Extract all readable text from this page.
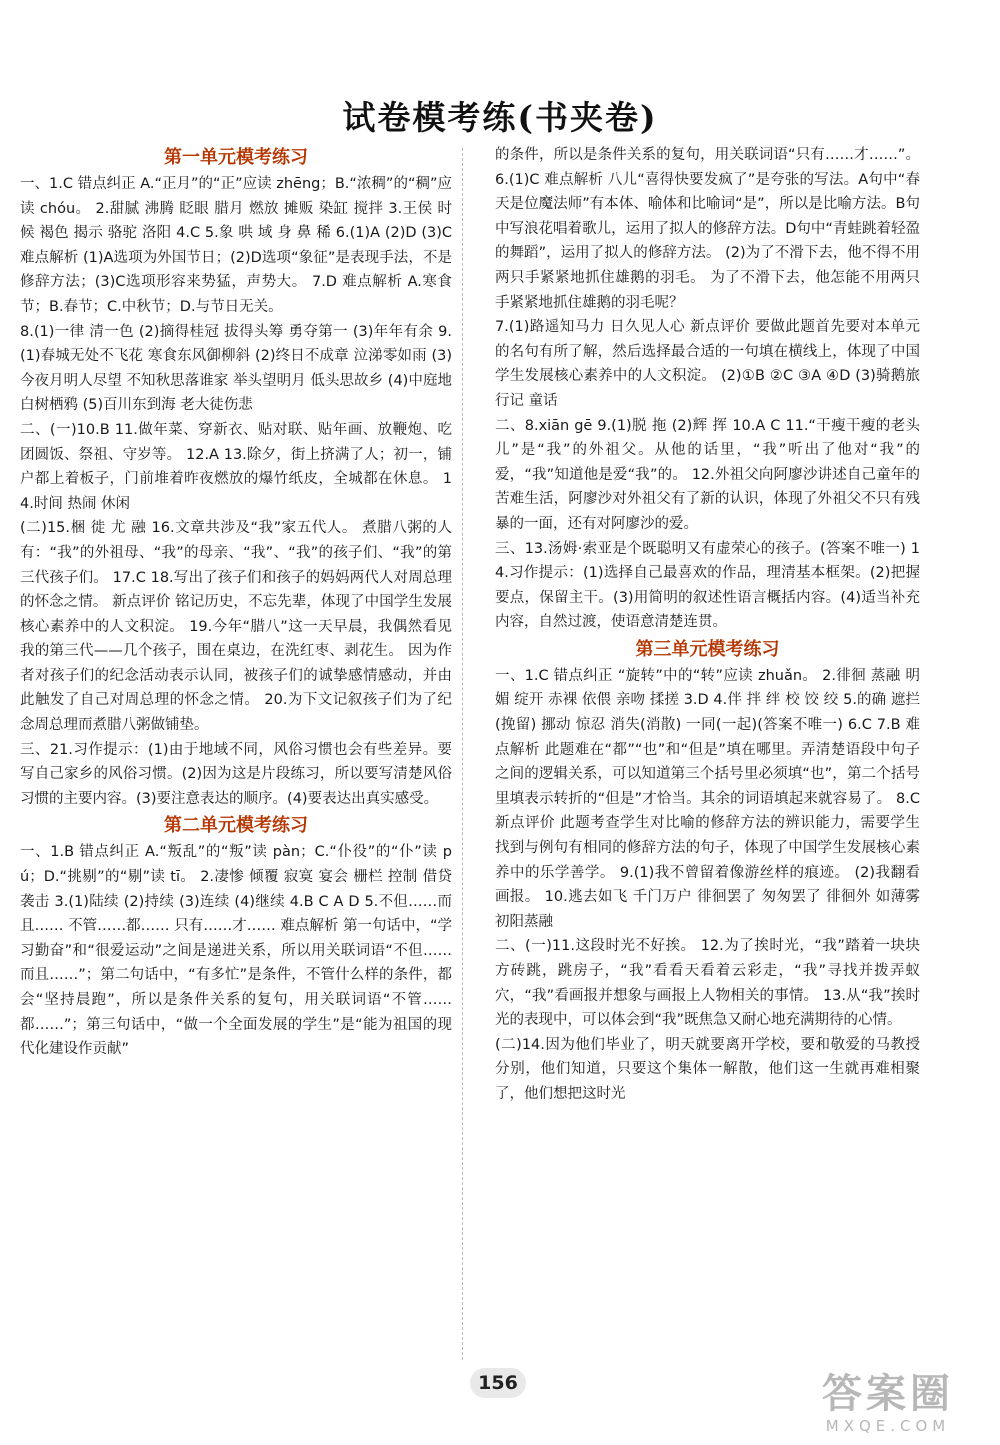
试卷模考练(书夹卷)
第一单元模考练习

一、1.C 错点纠正 A.“正月”的“正”应读 zhēng；B.“浓稠”的“稠”应读 chóu。 2.甜腻 沸腾 眨眼 腊月 燃放 摊贩 染缸 搅拌 3.王侯 时候 褐色 揭示 骆驼 洛阳 4.C 5.象 哄 域 身 鼻 稀 6.(1)A (2)D (3)C 难点解析 (1)A选项为外国节日；(2)D选项“象征”是表现手法，不是修辞方法；(3)C选项形容来势猛，声势大。 7.D 难点解析 A.寒食节；B.春节；C.中秋节；D.与节日无关。

8.(1)一律 清一色 (2)摘得桂冠 拔得头筹 勇夺第一 (3)年年有余 9.(1)春城无处不飞花 寒食东风御柳斜 (2)终日不成章 泣涕零如雨 (3)今夜月明人尽望 不知秋思落谁家 举头望明月 低头思故乡 (4)中庭地白树栖鸦 (5)百川东到海 老大徒伤悲

二、(一)10.B 11.做年菜、穿新衣、贴对联、贴年画、放鞭炮、吃团圆饭、祭祖、守岁等。 12.A 13.除夕，街上挤满了人；初一，铺户都上着板子，门前堆着昨夜燃放的爆竹纸皮，全城都在休息。 14.时间 热闹 休闲

(二)15.梱 徙 尤 融 16.文章共涉及“我”家五代人。 煮腊八粥的人有：“我”的外祖母、“我”的母亲、“我”、“我”的孩子们、“我”的第三代孩子们。 17.C 18.写出了孩子们和孩子的妈妈两代人对周总理的怀念之情。 新点评价 铭记历史，不忘先辈，体现了中国学生发展核心素养中的人文积淀。 19.今年“腊八”这一天早晨，我偶然看见我的第三代——几个孩子，围在桌边，在洗红枣、剥花生。 因为作者对孩子们的纪念活动表示认同，被孩子们的诚挚感情感动，并由此触发了自己对周总理的怀念之情。 20.为下文记叙孩子们为了纪念周总理而煮腊八粥做铺垫。

三、21.习作提示：(1)由于地域不同，风俗习惯也会有些差异。要写自己家乡的风俗习惯。(2)因为这是片段练习，所以要写清楚风俗习惯的主要内容。(3)要注意表达的顺序。(4)要表达出真实感受。

第二单元模考练习

一、1.B 错点纠正 A.“叛乱”的“叛”读 pàn；C.“仆役”的“仆”读 pú；D.“挑剔”的“剔”读 tī。 2.凄惨 倾覆 寂寞 宴会 栅栏 控制 借贷 袭击 3.(1)陆续 (2)持续 (3)连续 (4)继续 4.B C A D 5.不但……而且…… 不管……都…… 只有……才…… 难点解析 第一句话中，“学习勤奋”和“很爱运动”之间是递进关系，所以用关联词语“不但……而且……”；第二句话中，“有多忙”是条件，不管什么样的条件，都会“坚持晨跑”，所以是条件关系的复句，用关联词语“不管……都……”；第三句话中，“做一个全面发展的学生”是“能为祖国的现代化建设作贡献”

的条件，所以是条件关系的复句，用关联词语“只有……才……”。 6.(1)C 难点解析 八儿“喜得快要发疯了”是夸张的写法。A句中“春天是位魔法师”有本体、喻体和比喻词“是”，所以是比喻方法。B句中写浪花唱着歌儿，运用了拟人的修辞方法。D句中“青蛙跳着轻盈的舞蹈”，运用了拟人的修辞方法。 (2)为了不滑下去，他不得不用两只手紧紧地抓住雄鹅的羽毛。 为了不滑下去，他怎能不用两只手紧紧地抓住雄鹅的羽毛呢？

7.(1)路遥知马力 日久见人心 新点评价 要做此题首先要对本单元的名句有所了解，然后选择最合适的一句填在横线上，体现了中国学生发展核心素养中的人文积淀。 (2)①B ②C ③A ④D (3)骑鹅旅行记 童话

二、8.xiān gē 9.(1)脱 拖 (2)辉 挥 10.A C 11.“干瘦干瘦的老头儿”是“我”的外祖父。从他的话里，“我”听出了他对“我”的爱，“我”知道他是爱“我”的。 12.外祖父向阿廖沙讲述自己童年的苦难生活，阿廖沙对外祖父有了新的认识，体现了外祖父不只有残暴的一面，还有对阿廖沙的爱。

三、13.汤姆·索亚是个既聪明又有虚荣心的孩子。(答案不唯一) 14.习作提示：(1)选择自己最喜欢的作品，理清基本框架。(2)把握要点，保留主干。(3)用简明的叙述性语言概括内容。(4)适当补充内容，自然过渡，使语意清楚连贯。

第三单元模考练习

一、1.C 错点纠正 “旋转”中的“转”应读 zhuǎn。 2.徘徊 蒸融 明媚 绽开 赤裸 依偎 亲吻 揉搓 3.D 4.伴 拌 绊 校 饺 绞 5.的确 遮拦(挽留) 挪动 惊忍 消失(消散) 一同(一起)(答案不唯一) 6.C 7.B 难点解析 此题难在“都”“也”和“但是”填在哪里。弄清楚语段中句子之间的逻辑关系，可以知道第三个括号里必须填“也”，第二个括号里填表示转折的“但是”才恰当。其余的词语填起来就容易了。 8.C 新点评价 此题考查学生对比喻的修辞方法的辨识能力，需要学生找到与例句有相同的修辞方法的句子，体现了中国学生发展核心素养中的乐学善学。 9.(1)我不曾留着像游丝样的痕迹。 (2)我翻看画报。 10.逃去如飞 千门万户 徘徊罢了 匆匆罢了 徘徊外 如薄雾 初阳蒸融

二、(一)11.这段时光不好挨。 12.为了挨时光，“我”踏着一块块方砖跳，跳房子，“我”看看天看着云彩走，“我”寻找并拨弄蚁穴，“我”看画报并想象与画报上人物相关的事情。 13.从“我”挨时光的表现中，可以体会到“我”既焦急又耐心地充满期待的心情。

(二)14.因为他们毕业了，明天就要离开学校，要和敬爱的马教授分别，他们知道，只要这个集体一解散，他们这一生就再难相聚了，他们想把这时光

156	答案圈
MXQE.COM
